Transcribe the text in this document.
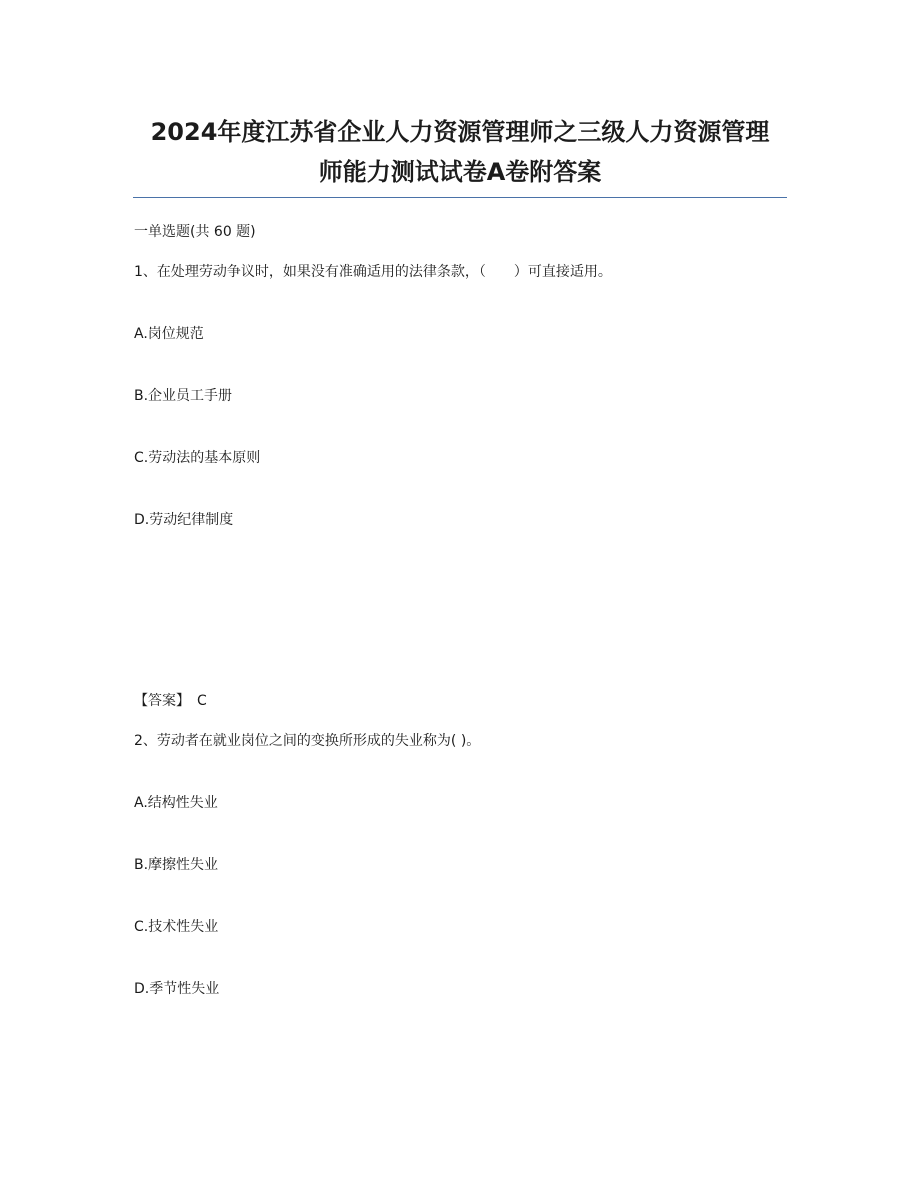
2024年度江苏省企业人力资源管理师之三级人力资源管理
师能力测试试卷A卷附答案
一单选题(共 60 题)
1、在处理劳动争议时，如果没有准确适用的法律条款，（　　）可直接适用。
A.岗位规范
B.企业员工手册
C.劳动法的基本原则
D.劳动纪律制度
【答案】　C
2、劳动者在就业岗位之间的变换所形成的失业称为( )。
A.结构性失业
B.摩擦性失业
C.技术性失业
D.季节性失业
